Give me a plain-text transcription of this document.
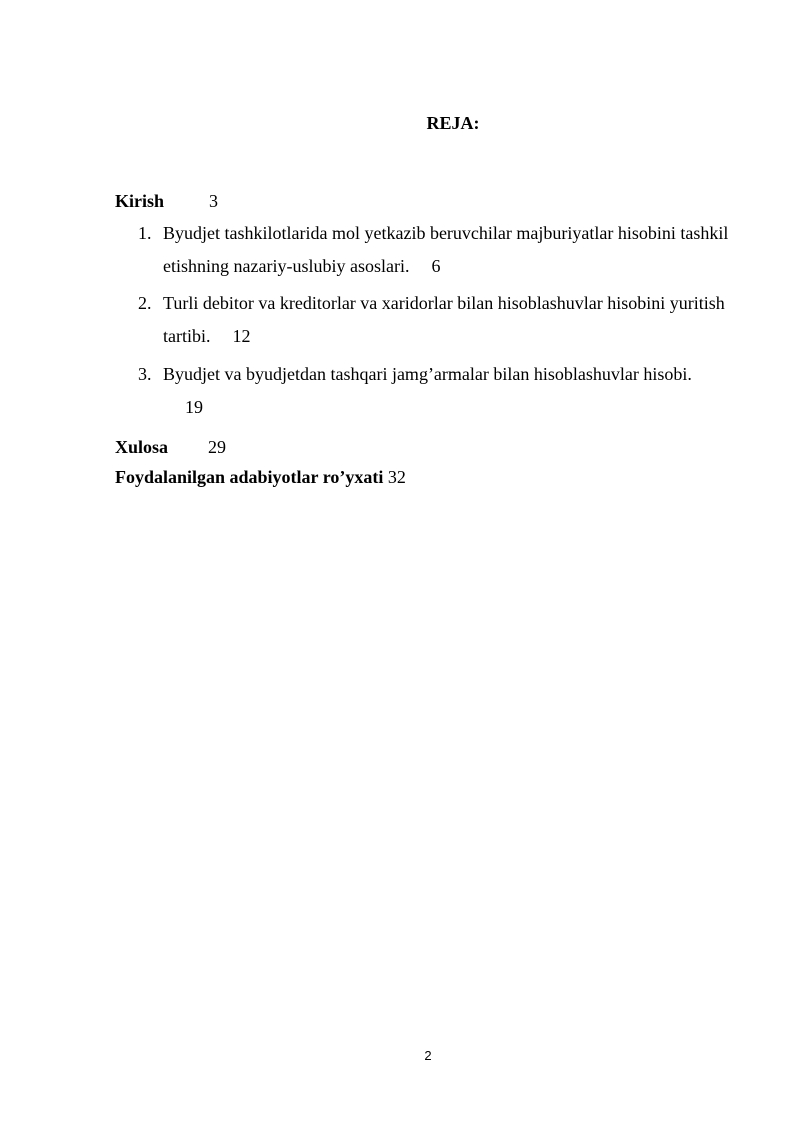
REJA:
Kirish	3
1. Byudjet tashkilotlarida mol yetkazib beruvchilar majburiyatlar hisobini tashkil etishning nazariy-uslubiy asoslari. 6
2. Turli debitor va kreditorlar va xaridorlar bilan hisoblashuvlar hisobini yuritish tartibi. 12
3. Byudjet va byudjetdan tashqari jamg’armalar bilan hisoblashuvlar hisobi.
19
Xulosa 29
Foydalanilgan adabiyotlar ro’yxati 32
2
